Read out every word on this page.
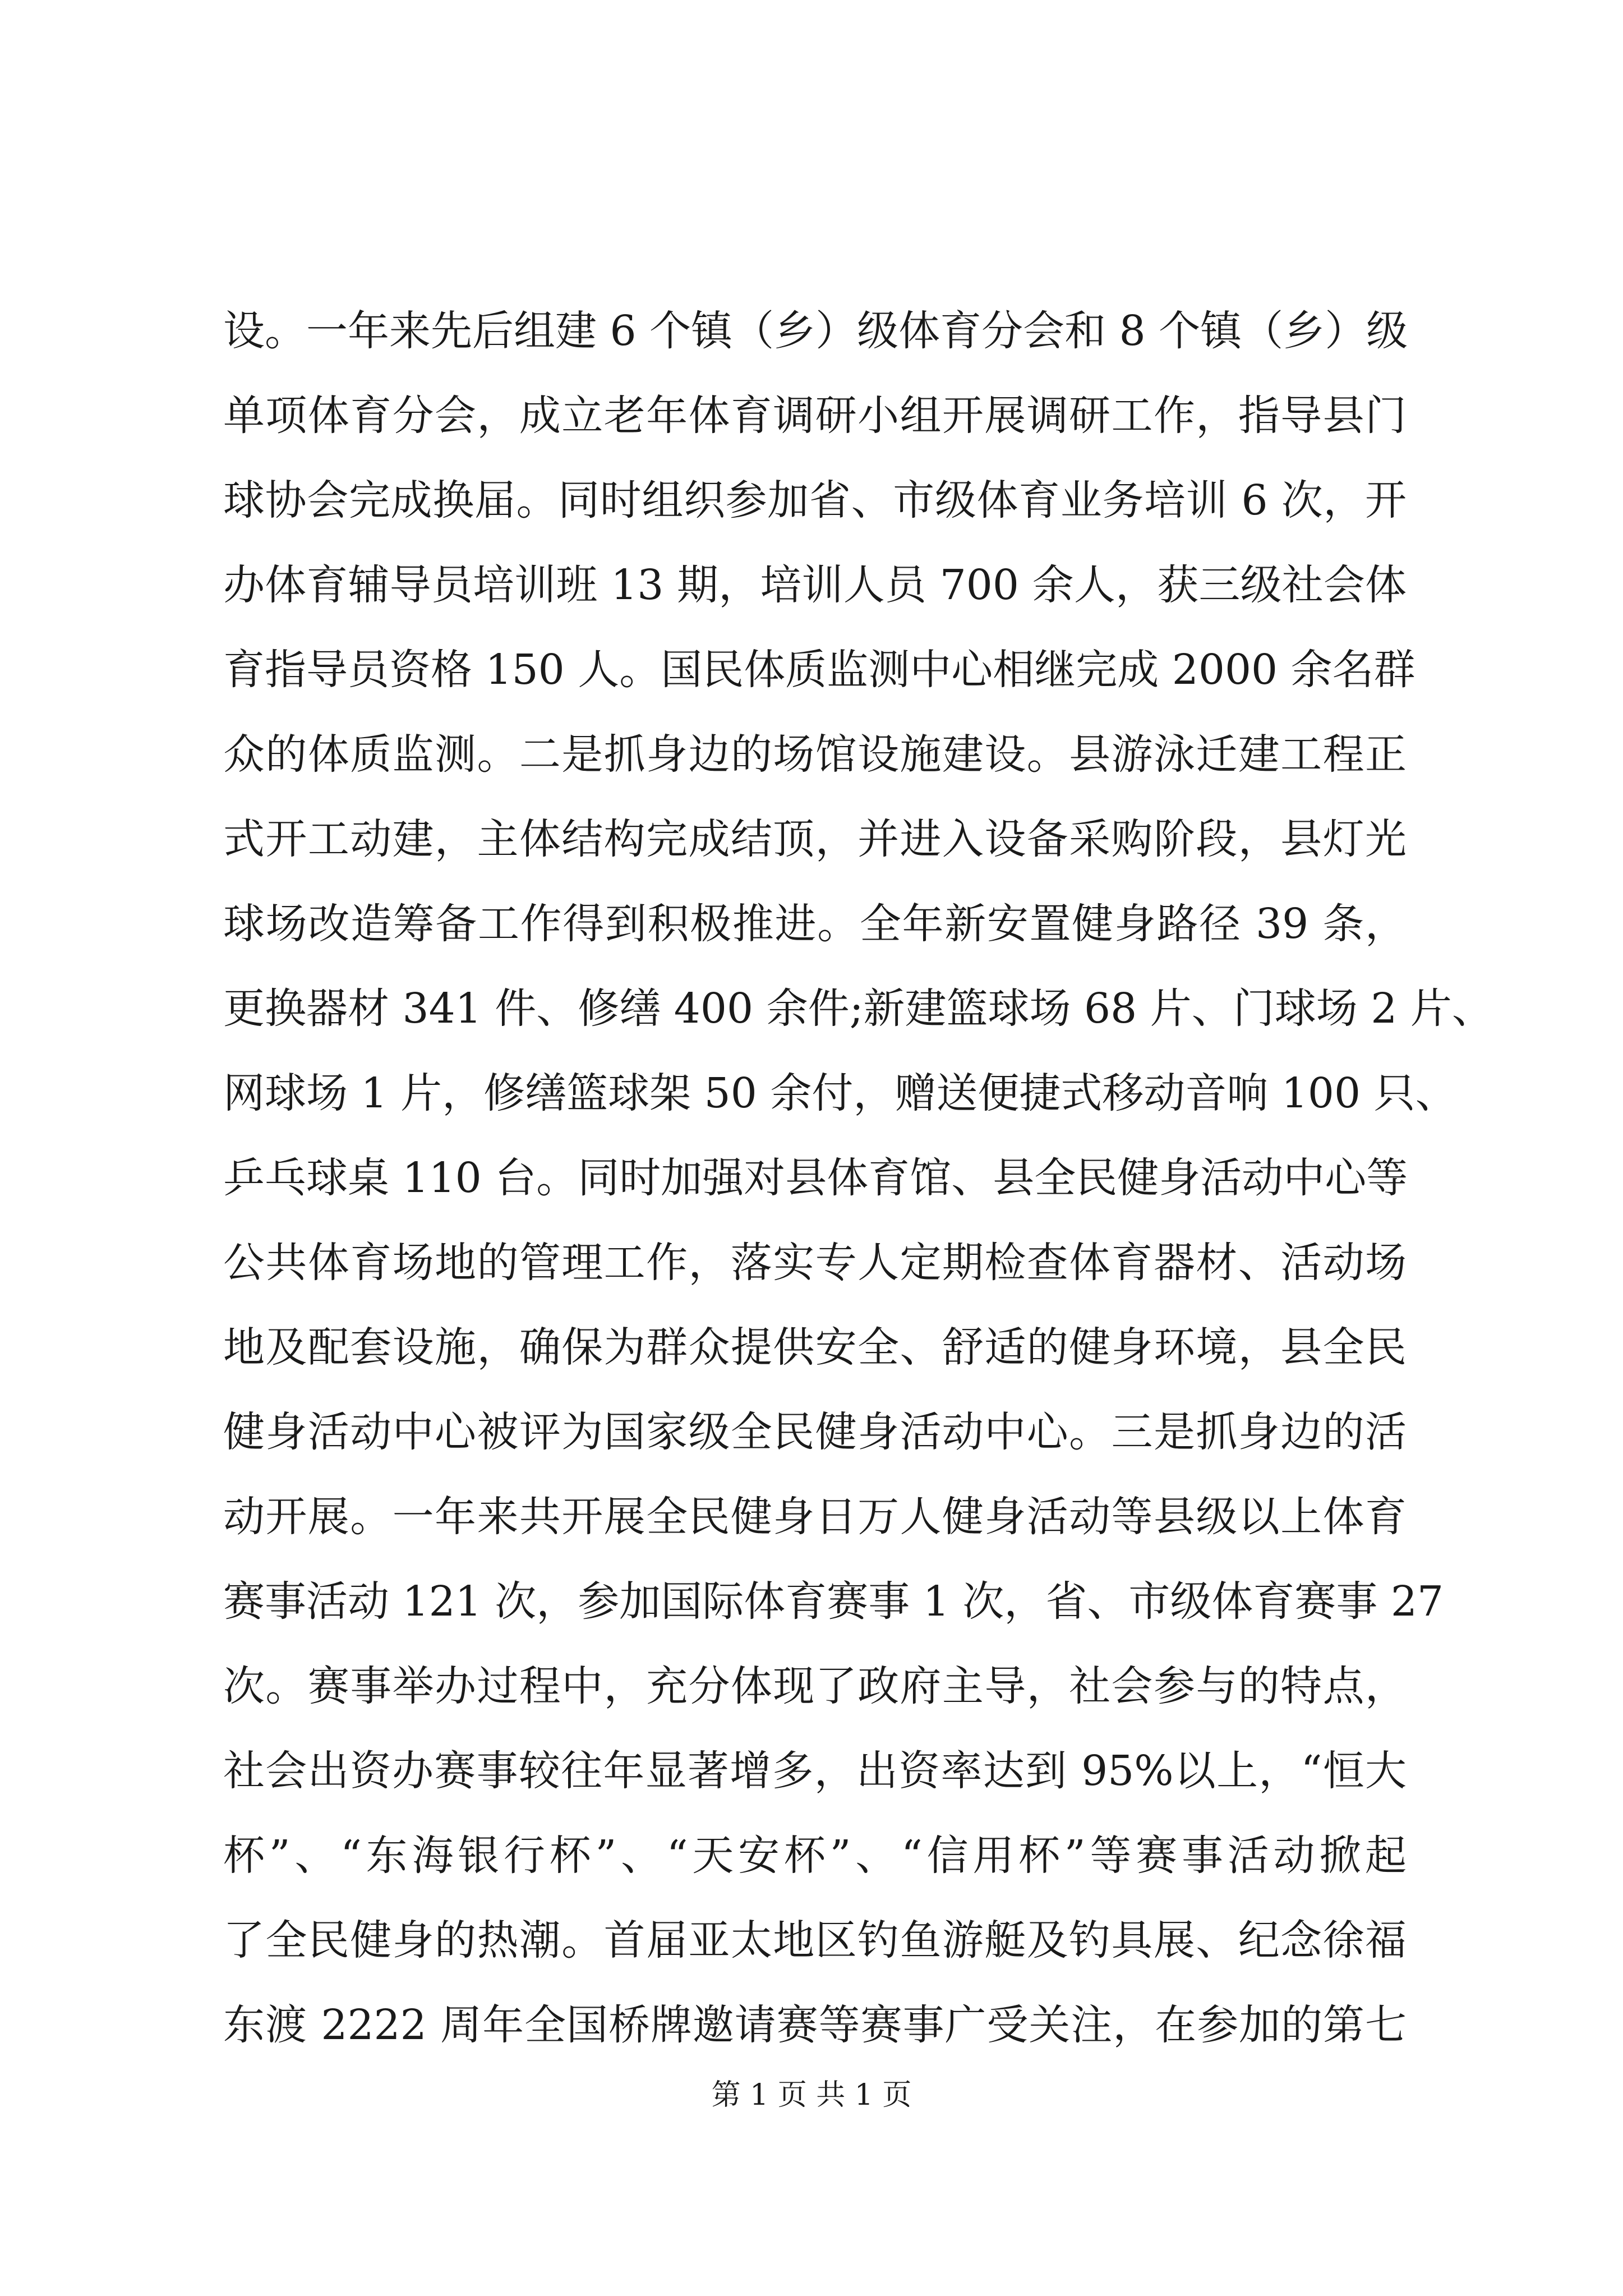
设。一年来先后组建 6 个镇（乡）级体育分会和 8 个镇（乡）级
单项体育分会，成立老年体育调研小组开展调研工作，指导县门
球协会完成换届。同时组织参加省、市级体育业务培训 6 次，开
办体育辅导员培训班 13 期，培训人员 700 余人，获三级社会体
育指导员资格 150 人。国民体质监测中心相继完成 2000 余名群
众的体质监测。二是抓身边的场馆设施建设。县游泳迁建工程正
式开工动建，主体结构完成结顶，并进入设备采购阶段，县灯光
球场改造筹备工作得到积极推进。全年新安置健身路径 39 条，
更换器材 341 件、修缮 400 余件;新建篮球场 68 片、门球场 2 片、
网球场 1 片，修缮篮球架 50 余付，赠送便捷式移动音响 100 只、
乒乓球桌 110 台。同时加强对县体育馆、县全民健身活动中心等
公共体育场地的管理工作，落实专人定期检查体育器材、活动场
地及配套设施，确保为群众提供安全、舒适的健身环境，县全民
健身活动中心被评为国家级全民健身活动中心。三是抓身边的活
动开展。一年来共开展全民健身日万人健身活动等县级以上体育
赛事活动 121 次，参加国际体育赛事 1 次，省、市级体育赛事 27
次。赛事举办过程中，充分体现了政府主导，社会参与的特点，
社会出资办赛事较往年显著增多，出资率达到 95%以上，“恒大
杯”、“东海银行杯”、“天安杯”、“信用杯”等赛事活动掀起
了全民健身的热潮。首届亚太地区钓鱼游艇及钓具展、纪念徐福
东渡 2222 周年全国桥牌邀请赛等赛事广受关注，在参加的第七
第 1 页 共 1 页
